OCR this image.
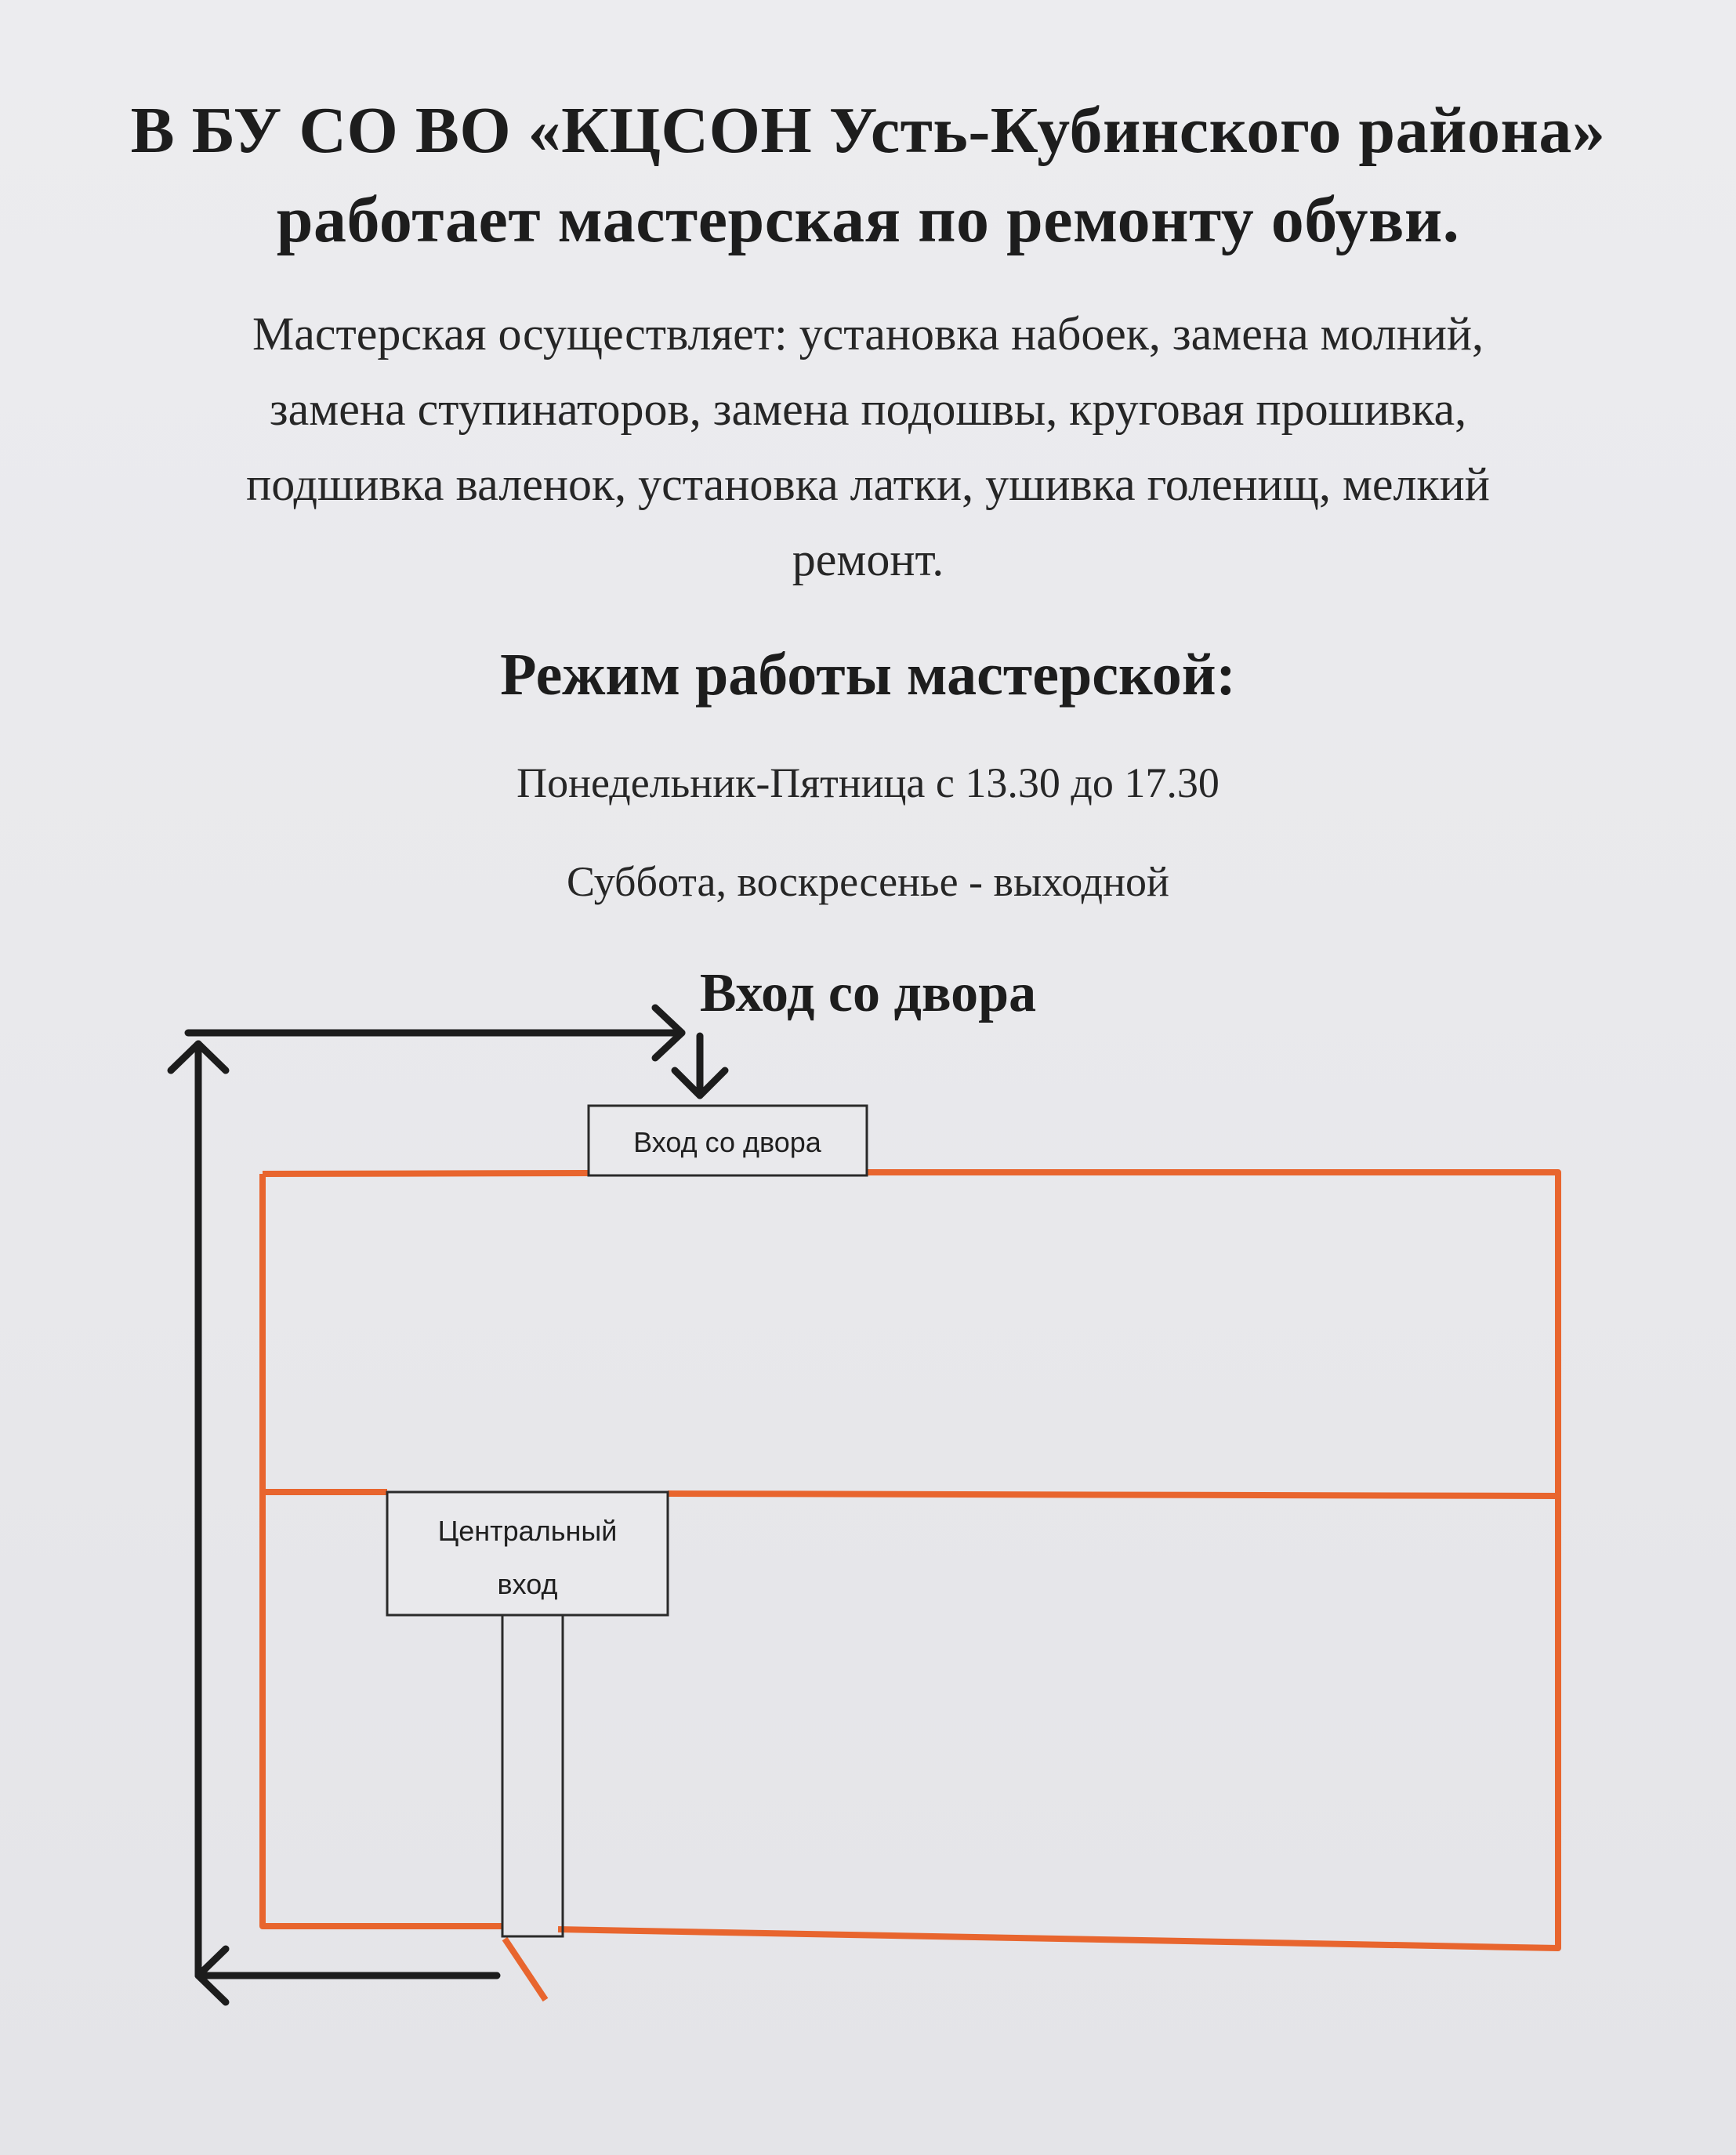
В БУ СО ВО «КЦСОН Усть-Кубинского района»
работает мастерская по ремонту обуви.
Мастерская осуществляет: установка набоек, замена молний,
замена ступинаторов, замена подошвы, круговая прошивка,
подшивка валенок, установка латки, ушивка голенищ, мелкий
ремонт.
Режим работы мастерской:
Понедельник-Пятница с 13.30 до 17.30
Суббота, воскресенье - выходной
Вход со двора
Вход со двора
Центральный
вход
